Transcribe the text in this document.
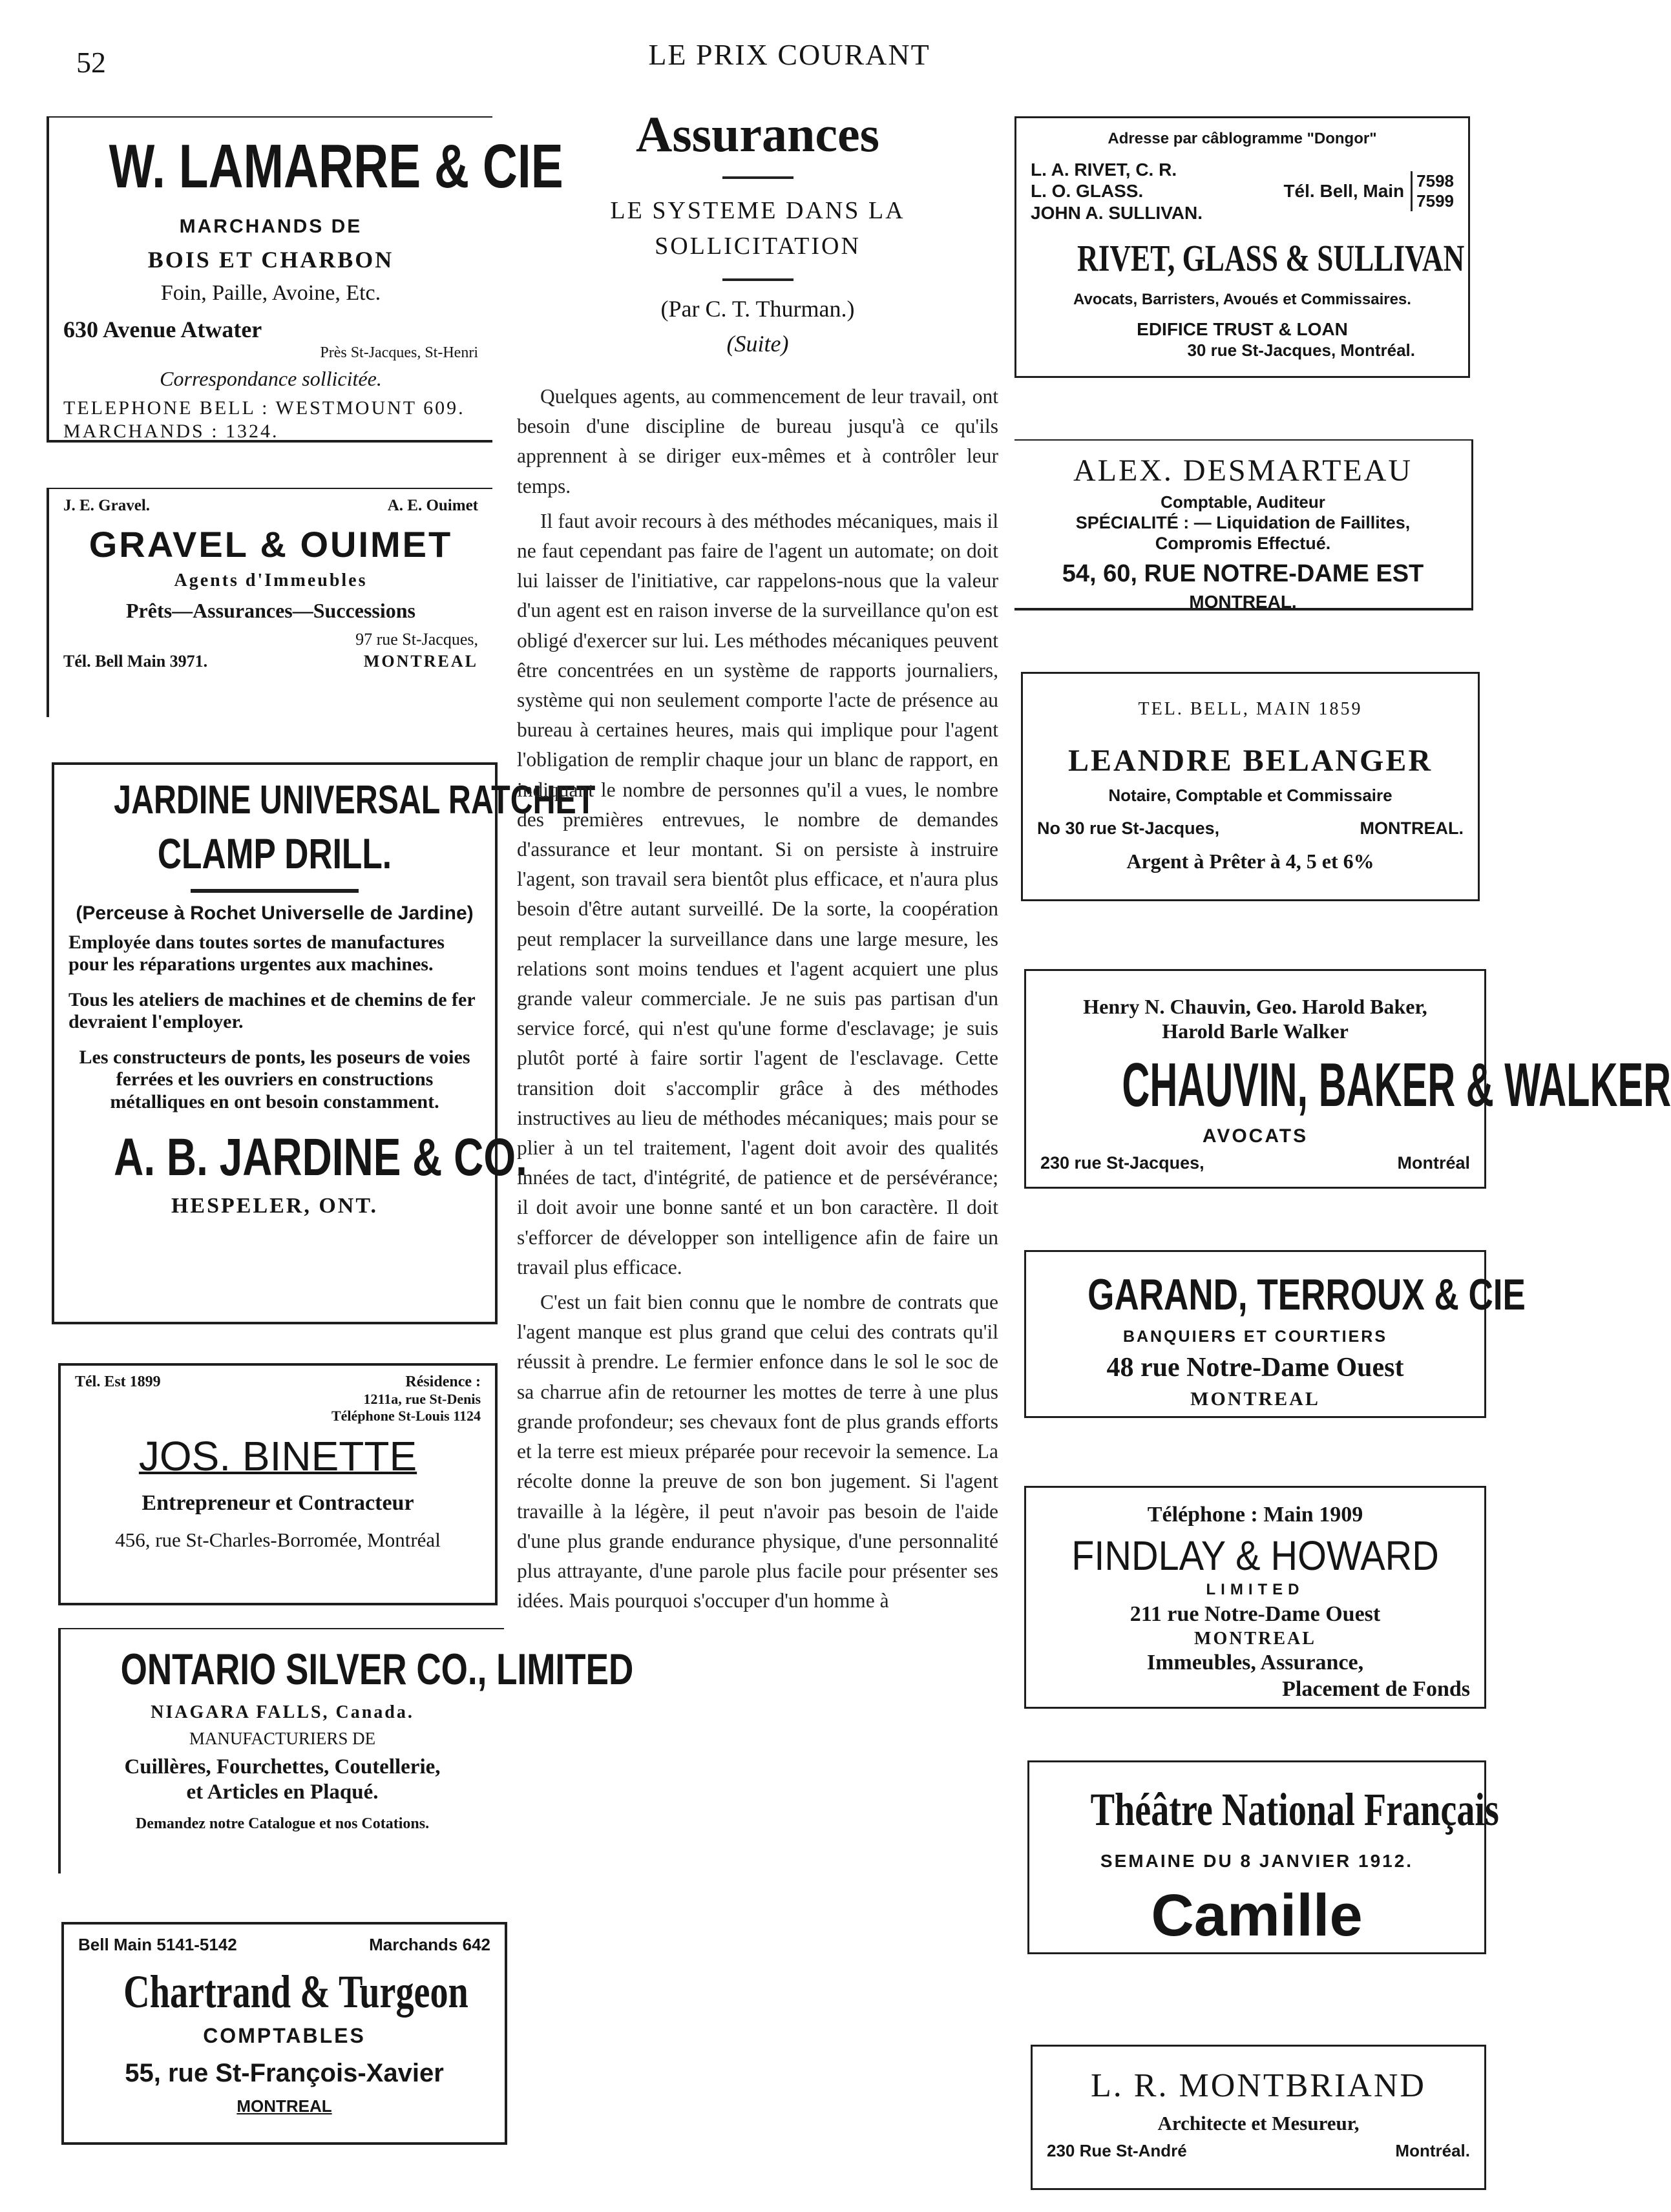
52	LE PRIX COURANT
W. LAMARRE & CIE
MARCHANDS DE
BOIS ET CHARBON
Foin, Paille, Avoine, Etc.
630 Avenue Atwater
Près St-Jacques, St-Henri
Correspondance sollicitée.
TELEPHONE BELL : WESTMOUNT 609.
MARCHANDS : 1324.
J. E. Gravel.	A. E. Ouimet
GRAVEL & OUIMET
Agents d'Immeubles
Prêts—Assurances—Successions
97 rue St-Jacques,
Tél. Bell Main 3971.	MONTREAL
JARDINE UNIVERSAL RATCHET
CLAMP DRILL.
(Perceuse à Rochet Universelle de Jardine)
Employée dans toutes sortes de manufactures pour les réparations urgentes aux machines.
Tous les ateliers de machines et de chemins de fer devraient l'employer.
Les constructeurs de ponts, les poseurs de voies ferrées et les ouvriers en constructions métalliques en ont besoin constamment.
A. B. JARDINE & CO.
HESPELER, ONT.
Tél. Est 1899	Résidence :
1211a, rue St-Denis
Téléphone St-Louis 1124
JOS. BINETTE
Entrepreneur et Contracteur
456, rue St-Charles-Borromée, Montréal
ONTARIO SILVER CO., LIMITED
NIAGARA FALLS, Canada.
MANUFACTURIERS DE
Cuillères, Fourchettes, Coutellerie,
et Articles en Plaqué.
Demandez notre Catalogue et nos Cotations.
Bell Main 5141-5142	Marchands 642
Chartrand & Turgeon
COMPTABLES
55, rue St-François-Xavier
MONTREAL
Assurances
LE SYSTEME DANS LA SOLLICITATION
(Par C. T. Thurman.)
(Suite)

Quelques agents, au commencement de leur travail, ont besoin d'une discipline de bureau jusqu'à ce qu'ils apprennent à se diriger eux-mêmes et à contrôler leur temps.

Il faut avoir recours à des méthodes mécaniques, mais il ne faut cependant pas faire de l'agent un automate; on doit lui laisser de l'initiative, car rappelons-nous que la valeur d'un agent est en raison inverse de la surveillance qu'on est obligé d'exercer sur lui. Les méthodes mécaniques peuvent être concentrées en un système de rapports journaliers, système qui non seulement comporte l'acte de présence au bureau à certaines heures, mais qui implique pour l'agent l'obligation de remplir chaque jour un blanc de rapport, en indiquant le nombre de personnes qu'il a vues, le nombre des premières entrevues, le nombre de demandes d'assurance et leur montant. Si on persiste à instruire l'agent, son travail sera bientôt plus efficace, et n'aura plus besoin d'être autant surveillé. De la sorte, la coopération peut remplacer la surveillance dans une large mesure, les relations sont moins tendues et l'agent acquiert une plus grande valeur commerciale. Je ne suis pas partisan d'un service forcé, qui n'est qu'une forme d'esclavage; je suis plutôt porté à faire sortir l'agent de l'esclavage. Cette transition doit s'accomplir grâce à des méthodes instructives au lieu de méthodes mécaniques; mais pour se plier à un tel traitement, l'agent doit avoir des qualités innées de tact, d'intégrité, de patience et de persévérance; il doit avoir une bonne santé et un bon caractère. Il doit s'efforcer de développer son intelligence afin de faire un travail plus efficace.

C'est un fait bien connu que le nombre de contrats que l'agent manque est plus grand que celui des contrats qu'il réussit à prendre. Le fermier enfonce dans le sol le soc de sa charrue afin de retourner les mottes de terre à une plus grande profondeur; ses chevaux font de plus grands efforts et la terre est mieux préparée pour recevoir la semence. La récolte donne la preuve de son bon jugement. Si l'agent travaille à la légère, il peut n'avoir pas besoin de l'aide d'une plus grande endurance physique, d'une personnalité plus attrayante, d'une parole plus facile pour présenter ses idées. Mais pourquoi s'occuper d'un homme à

Adresse par câblogramme "Dongor"
L. A. RIVET, C. R.
L. O. GLASS.
JOHN A. SULLIVAN.
Tél. Bell, Main
7598
7599
RIVET, GLASS & SULLIVAN
Avocats, Barristers, Avoués et Commissaires.
EDIFICE TRUST & LOAN
30 rue St-Jacques, Montréal.
ALEX. DESMARTEAU
Comptable, Auditeur
SPÉCIALITÉ : — Liquidation de Faillites,
Compromis Effectué.
54, 60, RUE NOTRE-DAME EST
MONTREAL.
TEL. BELL, MAIN 1859
LEANDRE BELANGER
Notaire, Comptable et Commissaire
No 30 rue St-Jacques,	MONTREAL.
Argent à Prêter à 4, 5 et 6%
Henry N. Chauvin, Geo. Harold Baker,
Harold Barle Walker
CHAUVIN, BAKER & WALKER
AVOCATS
230 rue St-Jacques,	Montréal
GARAND, TERROUX & CIE
BANQUIERS ET COURTIERS
48 rue Notre-Dame Ouest
MONTREAL
Téléphone : Main 1909
FINDLAY & HOWARD
LIMITED
211 rue Notre-Dame Ouest
MONTREAL
Immeubles, Assurance,
Placement de Fonds
Théâtre National Français
SEMAINE DU 8 JANVIER 1912.
Camille
L. R. MONTBRIAND
Architecte et Mesureur,
230 Rue St-André	Montréal.
